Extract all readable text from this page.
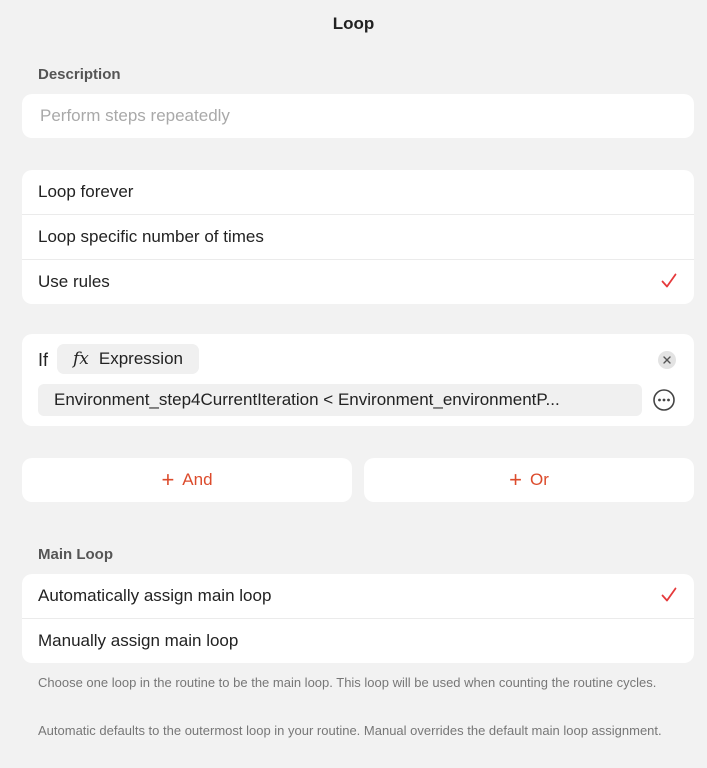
Loop
Description
Perform steps repeatedly
Loop forever
Loop specific number of times
Use rules
If fx Expression
Environment_step4CurrentIteration < Environment_environmentP...
+ And	+ Or
Main Loop
Automatically assign main loop
Manually assign main loop
Choose one loop in the routine to be the main loop. This loop will be used when counting the routine cycles.
Automatic defaults to the outermost loop in your routine. Manual overrides the default main loop assignment.
